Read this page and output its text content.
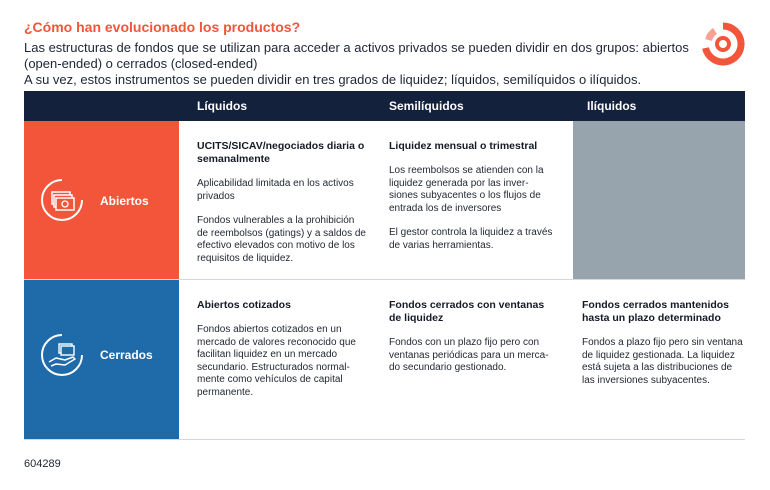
¿Cómo han evolucionado los productos?

Las estructuras de fondos que se utilizan para acceder a activos privados se pueden dividir en dos grupos: abiertos (open-ended) o cerrados (closed-ended)

A su vez, estos instrumentos se pueden dividir en tres grados de liquidez; líquidos, semilíquidos o ilíquidos.

Líquidos	Semilíquidos	Ilíquidos
Abiertos

UCITS/SICAV/negociados diaria o semanalmente

Aplicabilidad limitada en los activos privados

Fondos vulnerables a la prohibición de reembolsos (gatings) y a saldos de efectivo elevados con motivo de los requisitos de liquidez.

Liquidez mensual o trimestral

Los reembolsos se atienden con la liquidez generada por las inver-siones subyacentes o los flujos de entrada los de inversores

El gestor controla la liquidez a través de varias herramientas.

Cerrados

Abiertos cotizados

Fondos abiertos cotizados en un mercado de valores reconocido que facilitan liquidez en un mercado secundario. Estructurados normal-mente como vehículos de capital permanente.

Fondos cerrados con ventanas de liquidez

Fondos con un plazo fijo pero con ventanas periódicas para un merca-do secundario gestionado.

Fondos cerrados mantenidos hasta un plazo determinado

Fondos a plazo fijo pero sin ventana de liquidez gestionada. La liquidez está sujeta a las distribuciones de las inversiones subyacentes.

604289
